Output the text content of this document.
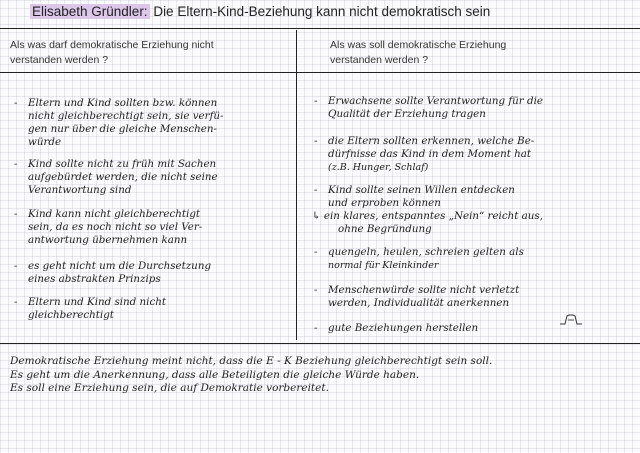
Elisabeth Gründler: Die Eltern-Kind-Beziehung kann nicht demokratisch sein
Als was darf demokratische Erziehung nicht
verstanden werden ?
Als was soll demokratische Erziehung
verstanden werden ?
- Eltern und Kind sollten bzw. können
nicht gleichberechtigt sein, sie verfü-
gen nur über die gleiche Menschen-
würde
- Kind sollte nicht zu früh mit Sachen
aufgebürdet werden, die nicht seine
Verantwortung sind
- Kind kann nicht gleichberechtigt
sein, da es noch nicht so viel Ver-
antwortung übernehmen kann
- es geht nicht um die Durchsetzung
eines abstrakten Prinzips
- Eltern und Kind sind nicht
gleichberechtigt
- Erwachsene sollte Verantwortung für die
Qualität der Erziehung tragen
- die Eltern sollten erkennen, welche Be-
dürfnisse das Kind in dem Moment hat
(z.B. Hunger, Schlaf)
- Kind sollte seinen Willen entdecken
und erproben können
↳ ein klares, entspanntes „Nein“ reicht aus,
ohne Begründung
- quengeln, heulen, schreien gelten als
normal für Kleinkinder
- Menschenwürde sollte nicht verletzt
werden, Individualität anerkennen
- gute Beziehungen herstellen

Demokratische Erziehung meint nicht, dass die E - K Beziehung gleichberechtigt sein soll.

Es geht um die Anerkennung, dass alle Beteiligten die gleiche Würde haben.

Es soll eine Erziehung sein, die auf Demokratie vorbereitet.
